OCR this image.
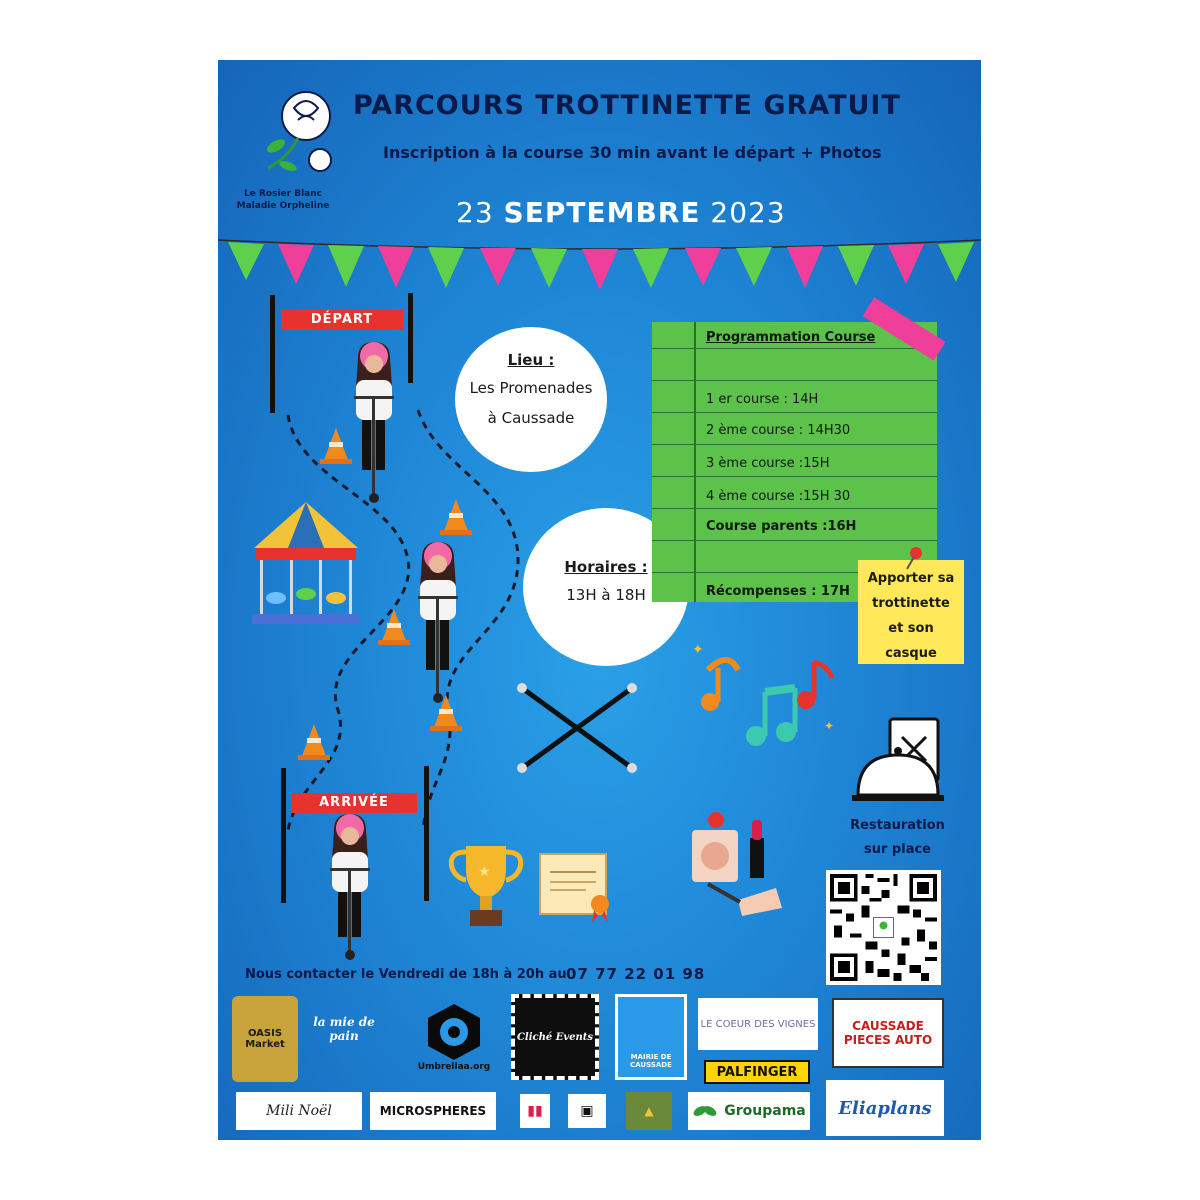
Le Rosier Blanc
Maladie Orpheline
PARCOURS TROTTINETTE GRATUIT
Inscription à la course 30 min avant le départ + Photos
23 SEPTEMBRE 2023
DÉPART
ARRIVÉE
Lieu :
Les Promenades
à Caussade
Horaires :
13H à 18H
Programmation Course
1 er course : 14H
2 ème course : 14H30
3 ème course :15H
4 ème course :15H 30
Course parents :16H
Récompenses : 17H
Apporter sa
trottinette
et son
casque
✦
✦
Restauration
sur place
★
Nous contacter le Vendredi de 18h à 20h au :
07 77 22 01 98
OASIS Market
la mie de pain
Umbrellaa.org
Cliché Events
MAIRIE DE CAUSSADE
LE COEUR DES VIGNES	CAUSSADE PIECES AUTO
PALFINGER
Mili Noël	MICROSPHERES	▮▮	▣	▲	Groupama Eliaplans
